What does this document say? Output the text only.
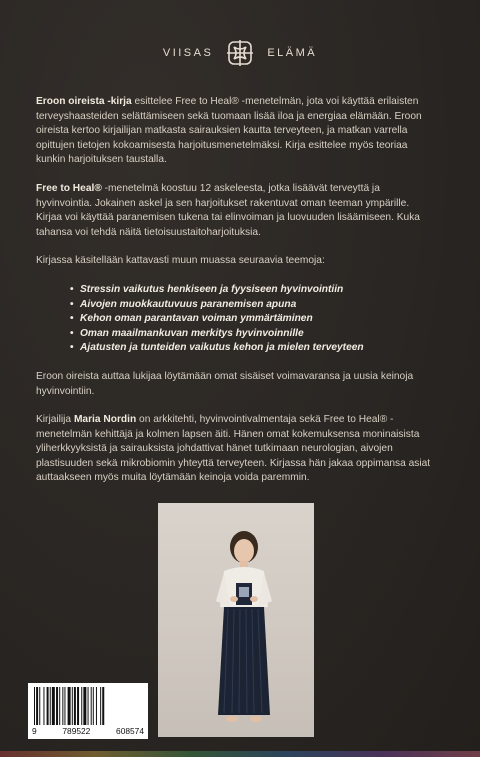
VIISAS	ELÄMÄ

Eroon oireista -kirja esittelee Free to Heal® -menetelmän, jota voi käyttää erilaisten terveyshaasteiden selättämiseen sekä tuomaan lisää iloa ja energiaa elämään. Eroon oireista kertoo kirjailijan matkasta sairauksien kautta terveyteen, ja matkan varrella opittujen tietojen kokoamisesta harjoitusmenetelmäksi. Kirja esittelee myös teoriaa kunkin harjoituksen taustalla.

Free to Heal® -menetelmä koostuu 12 askeleesta, jotka lisäävät terveyttä ja hyvinvointia. Jokainen askel ja sen harjoitukset rakentuvat oman teeman ympärille. Kirjaa voi käyttää paranemisen tukena tai elinvoiman ja luovuuden lisäämiseen. Kuka tahansa voi tehdä näitä tietoisuustaitoharjoituksia.

Kirjassa käsitellään kattavasti muun muassa seuraavia teemoja:

• Stressin vaikutus henkiseen ja fyysiseen hyvinvointiin
• Aivojen muokkautuvuus paranemisen apuna
• Kehon oman parantavan voiman ymmärtäminen
• Oman maailmankuvan merkitys hyvinvoinnille
• Ajatusten ja tunteiden vaikutus kehon ja mielen terveyteen

Eroon oireista auttaa lukijaa löytämään omat sisäiset voimavaransa ja uusia keinoja hyvinvointiin.

Kirjailija Maria Nordin on arkkitehti, hyvinvointivalmentaja sekä Free to Heal® -menetelmän kehittäjä ja kolmen lapsen äiti. Hänen omat kokemuksensa moninaisista yliherkkyyksistä ja sairauksista johdattivat hänet tutkimaan neurologian, aivojen plastisuuden sekä mikrobiomin yhteyttä terveyteen. Kirjassa hän jakaa oppimansa asiat auttaakseen myös muita löytämään keinoja voida paremmin.

9	789522	608574
